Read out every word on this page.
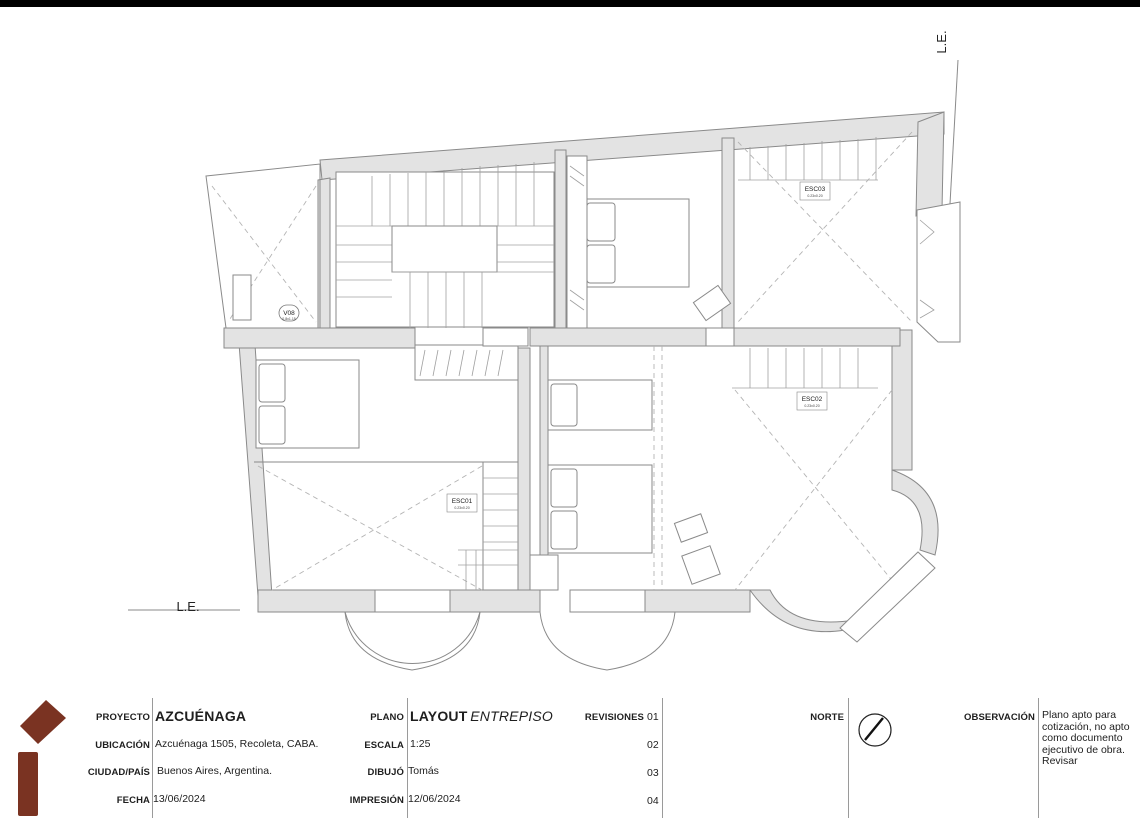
V08
0.8x1.15
ESC03
0.23x0.20
ESC01
0.23x0.20
ESC02
0.23x0.20
L.E.
L.E.
PROYECTO AZCUÉNAGA
UBICACIÓN Azcuénaga 1505, Recoleta, CABA.
CIUDAD/PAÍS Buenos Aires, Argentina.
FECHA 13/06/2024
PLANO LAYOUT ENTREPISO
ESCALA 1:25
DIBUJÓ Tomás
IMPRESIÓN 12/06/2024
REVISIONES 01
02
03
04
NORTE	OBSERVACIÓN Plano apto para cotización, no apto como documento ejecutivo de obra. Revisar
